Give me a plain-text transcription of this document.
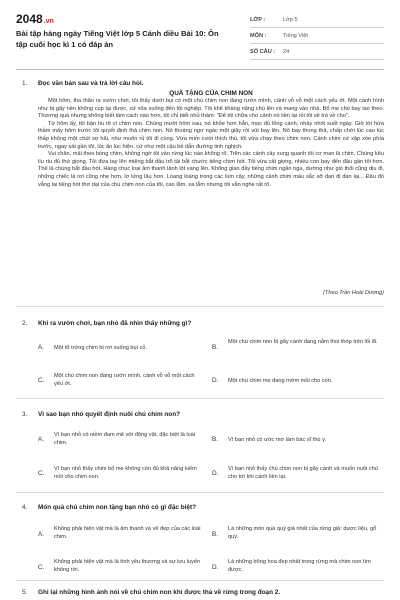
2048.vn
Bài tập hàng ngày Tiếng Việt lớp 5 Cánh diều Bài 10: Ôn tập cuối học kì 1 có đáp án
LỚP :	Lớp 5
MÔN :	Tiếng Việt
SỐ CÂU :	24
1. Đọc văn bản sau và trả lời câu hỏi.
QUÀ TẶNG CỦA CHIM NON

Một hôm, tha thẩn ra vườn chơi, tôi thấy dưới bụi có một chú chim non đang rướn mình, cánh vỗ vỗ một cách yếu ớt. Một cành hình như bị gãy nên không cụp lại được, cứ xõa xuống đến tội nghiệp. Tôi khẽ khàng nâng chú lên và mang vào nhà. Bố mẹ chú bay lao theo. Thương quá nhưng không biết làm cách nào hơn, tôi chỉ biết nhủ thầm: "Để tôi chữa cho cánh nó liền lại rồi tôi sẽ trả về cho".

Từ hôm ấy, tôi bận tíu tít vì chim non. Chúng mười hôm sau, nó khỏe hơn hẳn, mọc đủ lông cánh, nhảy nhót suốt ngày. Giờ lời hứa thầm mấy hôm trước tôi quyết định thả chim non. Nó thoáng ngơ ngác một giây rồi vút bay lên. Nó bay thong thả, chấp chới lúc cao lúc thấp không một chút sợ hãi, như muốn rủ tôi đi cùng. Vừa mìm cười thích thú, tôi vừa chạy theo chim non. Cánh chim cứ xập xòe phía trước, ngay sát gần tôi, lúc ẩn lúc hiện, cứ như một cậu bé dẫn đường tinh nghịch.

Vui chân, mải theo bóng chim, không ngờ tôi vào rừng lúc nào không rõ. Trên các cành cây xung quanh tôi cơ man là chim. Chúng kêu líu ríu đủ thứ giọng. Tôi đưa tay lên miệng bắt đầu trổ tài bắt chước tiếng chim hót. Tôi vừa cất giọng, nhiều con bay đến đậu gần tôi hơn. Thế là chúng bắt đầu hót. Hàng chục loại âm thanh lảnh lót vang lên. Không gian đầy tiếng chim ngân nga, dường như gió thổi cũng dịu đi, những chiếc lá rơi cũng nhẹ hơn, lơ lửng lâu hơn. Loang loáng trong các lùm cây, những cánh chim màu sắc sỡ đan đi đan lại... Đâu đó vẳng lại tiếng hót thơ dại của chú chim non của tôi, cao lắm, xa lắm nhưng tôi vẫn nghe rất rõ.

(Theo Trần Hoài Dương)
2. Khi ra vườn chơi, bạn nhỏ đã nhìn thấy những gì?
A. Một tổ trứng chim bị rơi xuống bụi cỏ.	B.
Một chú chim non bị gãy cánh đang nằm thoi thóp trên lối đi.
C.
Một chú chim non đang rướn mình, cánh vỗ vỗ một cách yếu ớt.	D. Một chú chim mẹ đang mớm mồi cho con.
3. Vì sao bạn nhỏ quyết định nuôi chú chim non?
A.
Vì bạn nhỏ có niềm đam mê với động vật, đặc biệt là loài chim.	B. Vì bạn nhỏ có ước mơ làm bác sĩ thú y.
C.
Vì bạn nhỏ thấy chim bố mẹ không còn đủ khả năng kiếm mồi cho chim non.	D.
Vì bạn nhỏ thấy chú chim non bị gãy cánh và muốn nuôi chú cho tới khi cánh liền lại.
4. Món quà chú chim non tặng bạn nhỏ có gì đặc biệt?
A.
Không phải hiện vật mà là âm thanh và vẻ đẹp của các loài chim.	B.
Là những món quà quý giá nhất của rừng già: dược liệu, gỗ quý.
C.
Không phải hiện vật mà là tình yêu thương và sự lưu luyến không rời.	D.
Là những bông hoa đẹp nhất trong rừng mà chim non tìm được.
5. Ghi lại những hình ảnh nói về chú chim non khi được thả về rừng trong đoạn 2.
